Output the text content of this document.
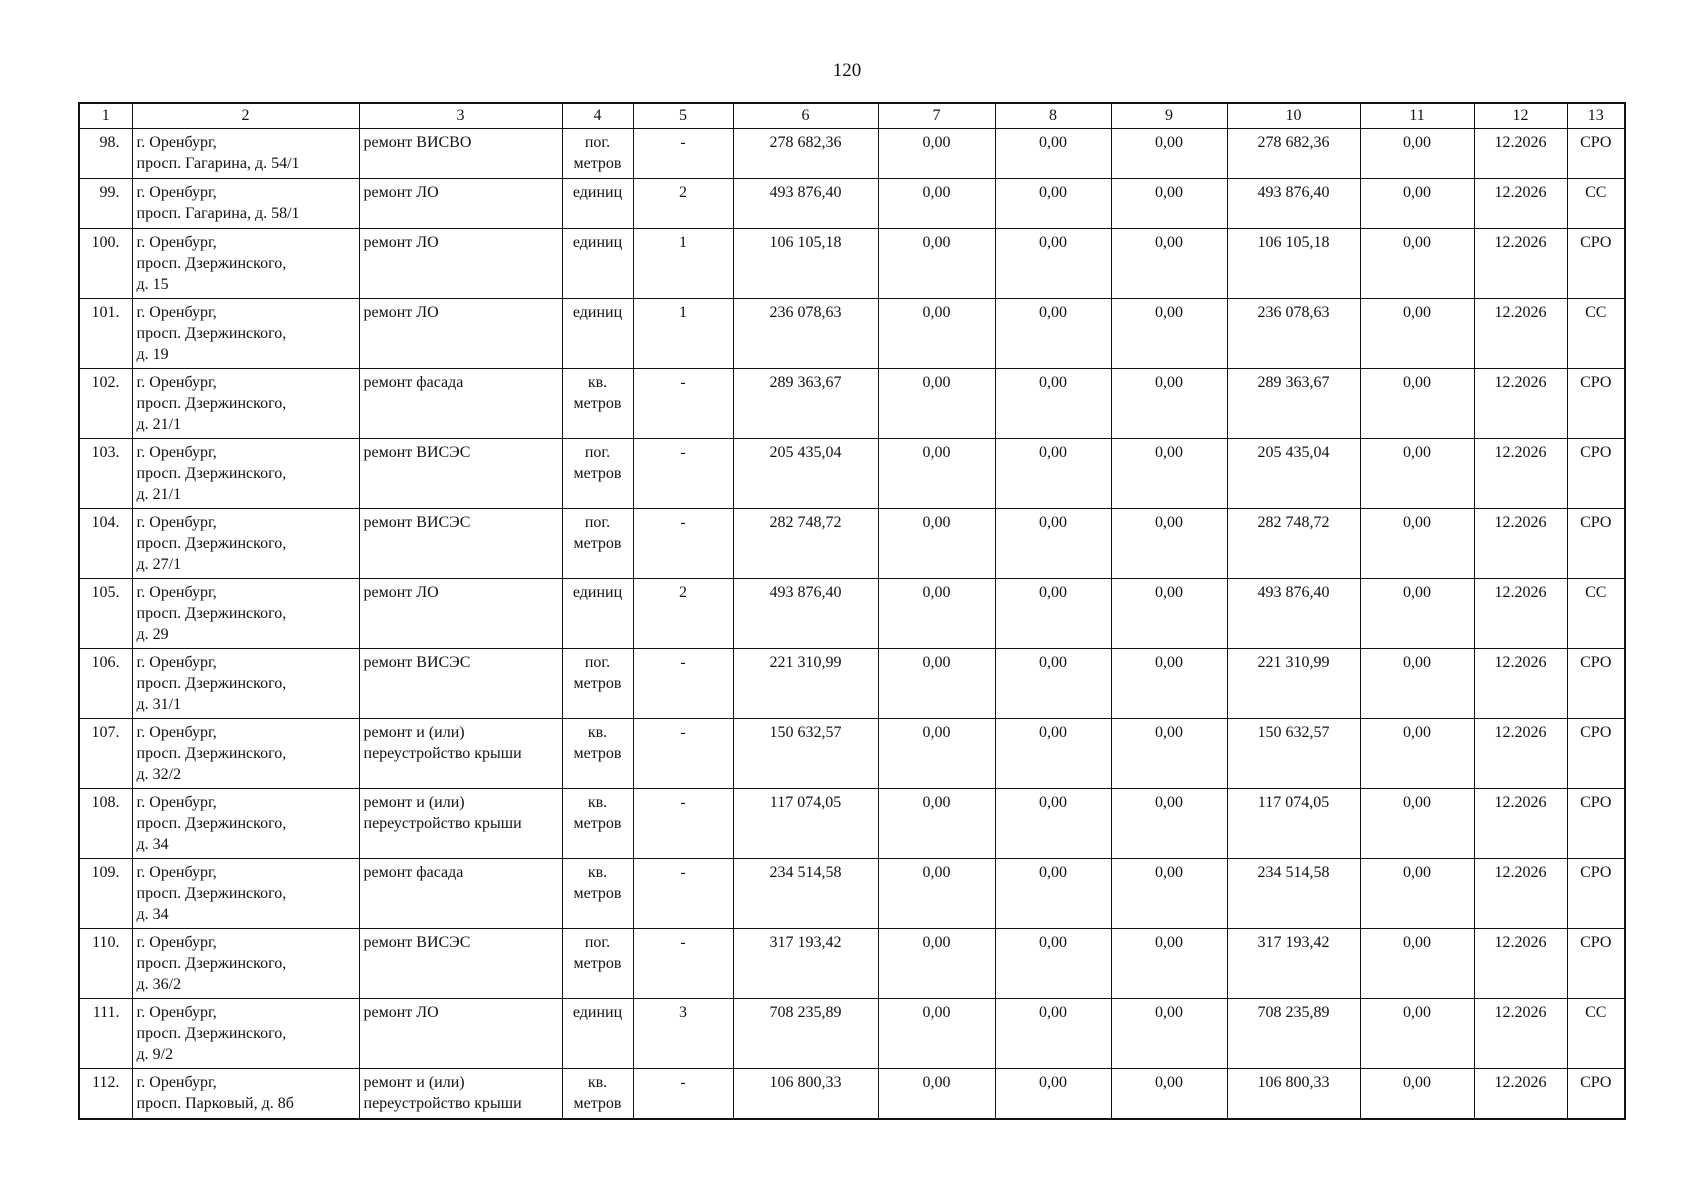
120
1	2	3	4	5	6	7	8	9	10	11	12	13
98.	г. Оренбург,
просп. Гагарина, д. 54/1	ремонт ВИСВО	пог.
метров	-	278 682,36	0,00	0,00	0,00	278 682,36	0,00	12.2026	СРО
99.	г. Оренбург,
просп. Гагарина, д. 58/1	ремонт ЛО	единиц	2	493 876,40	0,00	0,00	0,00	493 876,40	0,00	12.2026	СС
100.	г. Оренбург,
просп. Дзержинского,
д. 15	ремонт ЛО	единиц	1	106 105,18	0,00	0,00	0,00	106 105,18	0,00	12.2026	СРО
101.	г. Оренбург,
просп. Дзержинского,
д. 19	ремонт ЛО	единиц	1	236 078,63	0,00	0,00	0,00	236 078,63	0,00	12.2026	СС
102.	г. Оренбург,
просп. Дзержинского,
д. 21/1	ремонт фасада	кв.
метров	-	289 363,67	0,00	0,00	0,00	289 363,67	0,00	12.2026	СРО
103.	г. Оренбург,
просп. Дзержинского,
д. 21/1	ремонт ВИСЭС	пог.
метров	-	205 435,04	0,00	0,00	0,00	205 435,04	0,00	12.2026	СРО
104.	г. Оренбург,
просп. Дзержинского,
д. 27/1	ремонт ВИСЭС	пог.
метров	-	282 748,72	0,00	0,00	0,00	282 748,72	0,00	12.2026	СРО
105.	г. Оренбург,
просп. Дзержинского,
д. 29	ремонт ЛО	единиц	2	493 876,40	0,00	0,00	0,00	493 876,40	0,00	12.2026	СС
106.	г. Оренбург,
просп. Дзержинского,
д. 31/1	ремонт ВИСЭС	пог.
метров	-	221 310,99	0,00	0,00	0,00	221 310,99	0,00	12.2026	СРО
107.	г. Оренбург,
просп. Дзержинского,
д. 32/2	ремонт и (или)
переустройство крыши	кв.
метров	-	150 632,57	0,00	0,00	0,00	150 632,57	0,00	12.2026	СРО
108.	г. Оренбург,
просп. Дзержинского,
д. 34	ремонт и (или)
переустройство крыши	кв.
метров	-	117 074,05	0,00	0,00	0,00	117 074,05	0,00	12.2026	СРО
109.	г. Оренбург,
просп. Дзержинского,
д. 34	ремонт фасада	кв.
метров	-	234 514,58	0,00	0,00	0,00	234 514,58	0,00	12.2026	СРО
110.	г. Оренбург,
просп. Дзержинского,
д. 36/2	ремонт ВИСЭС	пог.
метров	-	317 193,42	0,00	0,00	0,00	317 193,42	0,00	12.2026	СРО
111.	г. Оренбург,
просп. Дзержинского,
д. 9/2	ремонт ЛО	единиц	3	708 235,89	0,00	0,00	0,00	708 235,89	0,00	12.2026	СС
112.	г. Оренбург,
просп. Парковый, д. 8б	ремонт и (или)
переустройство крыши	кв.
метров	-	106 800,33	0,00	0,00	0,00	106 800,33	0,00	12.2026	СРО
